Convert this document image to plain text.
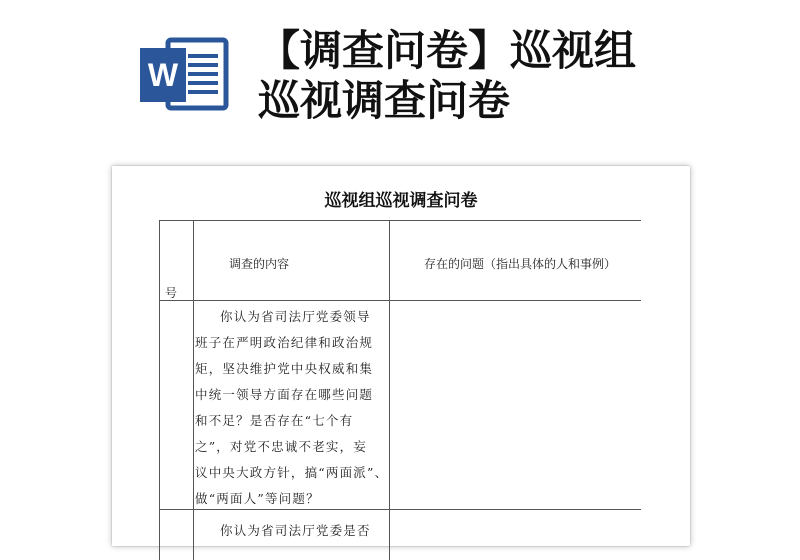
W 【调查问卷】巡视组
巡视调查问卷
巡视组巡视调查问卷
号
调查的内容	存在的问题（指出具体的人和事例）

你认为省司法厅党委领导

班子在严明政治纪律和政治规

矩，坚决维护党中央权威和集

中统一领导方面存在哪些问题

和不足？是否存在“七个有

之”，对党不忠诚不老实，妄

议中央大政方针，搞“两面派”、

做“两面人”等问题？

你认为省司法厅党委是否
